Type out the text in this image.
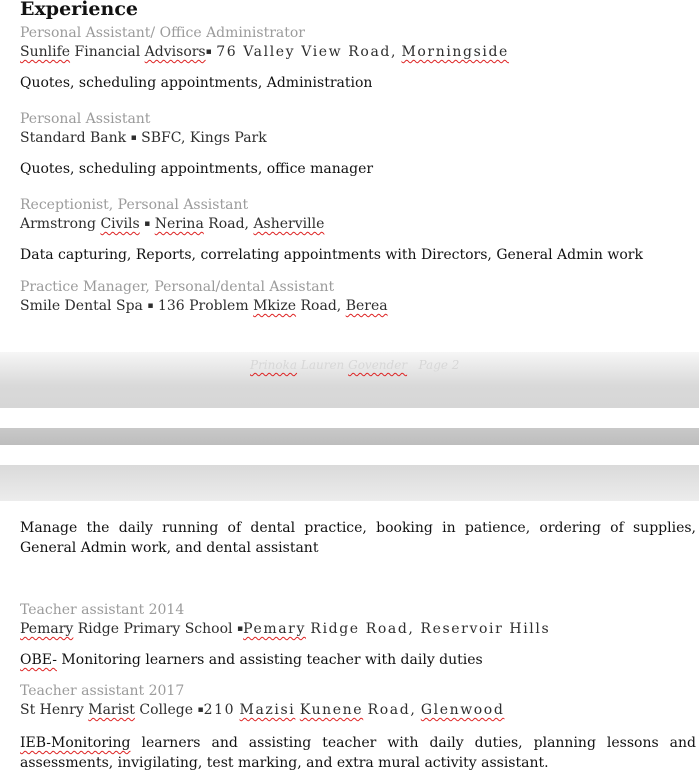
Experience
Personal Assistant/ Office Administrator
Sunlife Financial Advisors▪ 76 Valley View Road, Morningside
Quotes, scheduling appointments, Administration
Personal Assistant
Standard Bank ▪ SBFC, Kings Park
Quotes, scheduling appointments, office manager
Receptionist, Personal Assistant
Armstrong Civils ▪ Nerina Road, Asherville
Data capturing, Reports, correlating appointments with Directors, General Admin work
Practice Manager, Personal/dental Assistant
Smile Dental Spa ▪ 136 Problem Mkize Road, Berea
Prinoka Lauren Govender Page 2
Manage the daily running of dental practice, booking in patience, ordering of supplies, General Admin work, and dental assistant
Teacher assistant 2014
Pemary Ridge Primary School ▪Pemary Ridge Road, Reservoir Hills
OBE- Monitoring learners and assisting teacher with daily duties
Teacher assistant 2017
St Henry Marist College ▪210 Mazisi Kunene Road, Glenwood
IEB-Monitoring learners and assisting teacher with daily duties, planning lessons and assessments, invigilating, test marking, and extra mural activity assistant.
